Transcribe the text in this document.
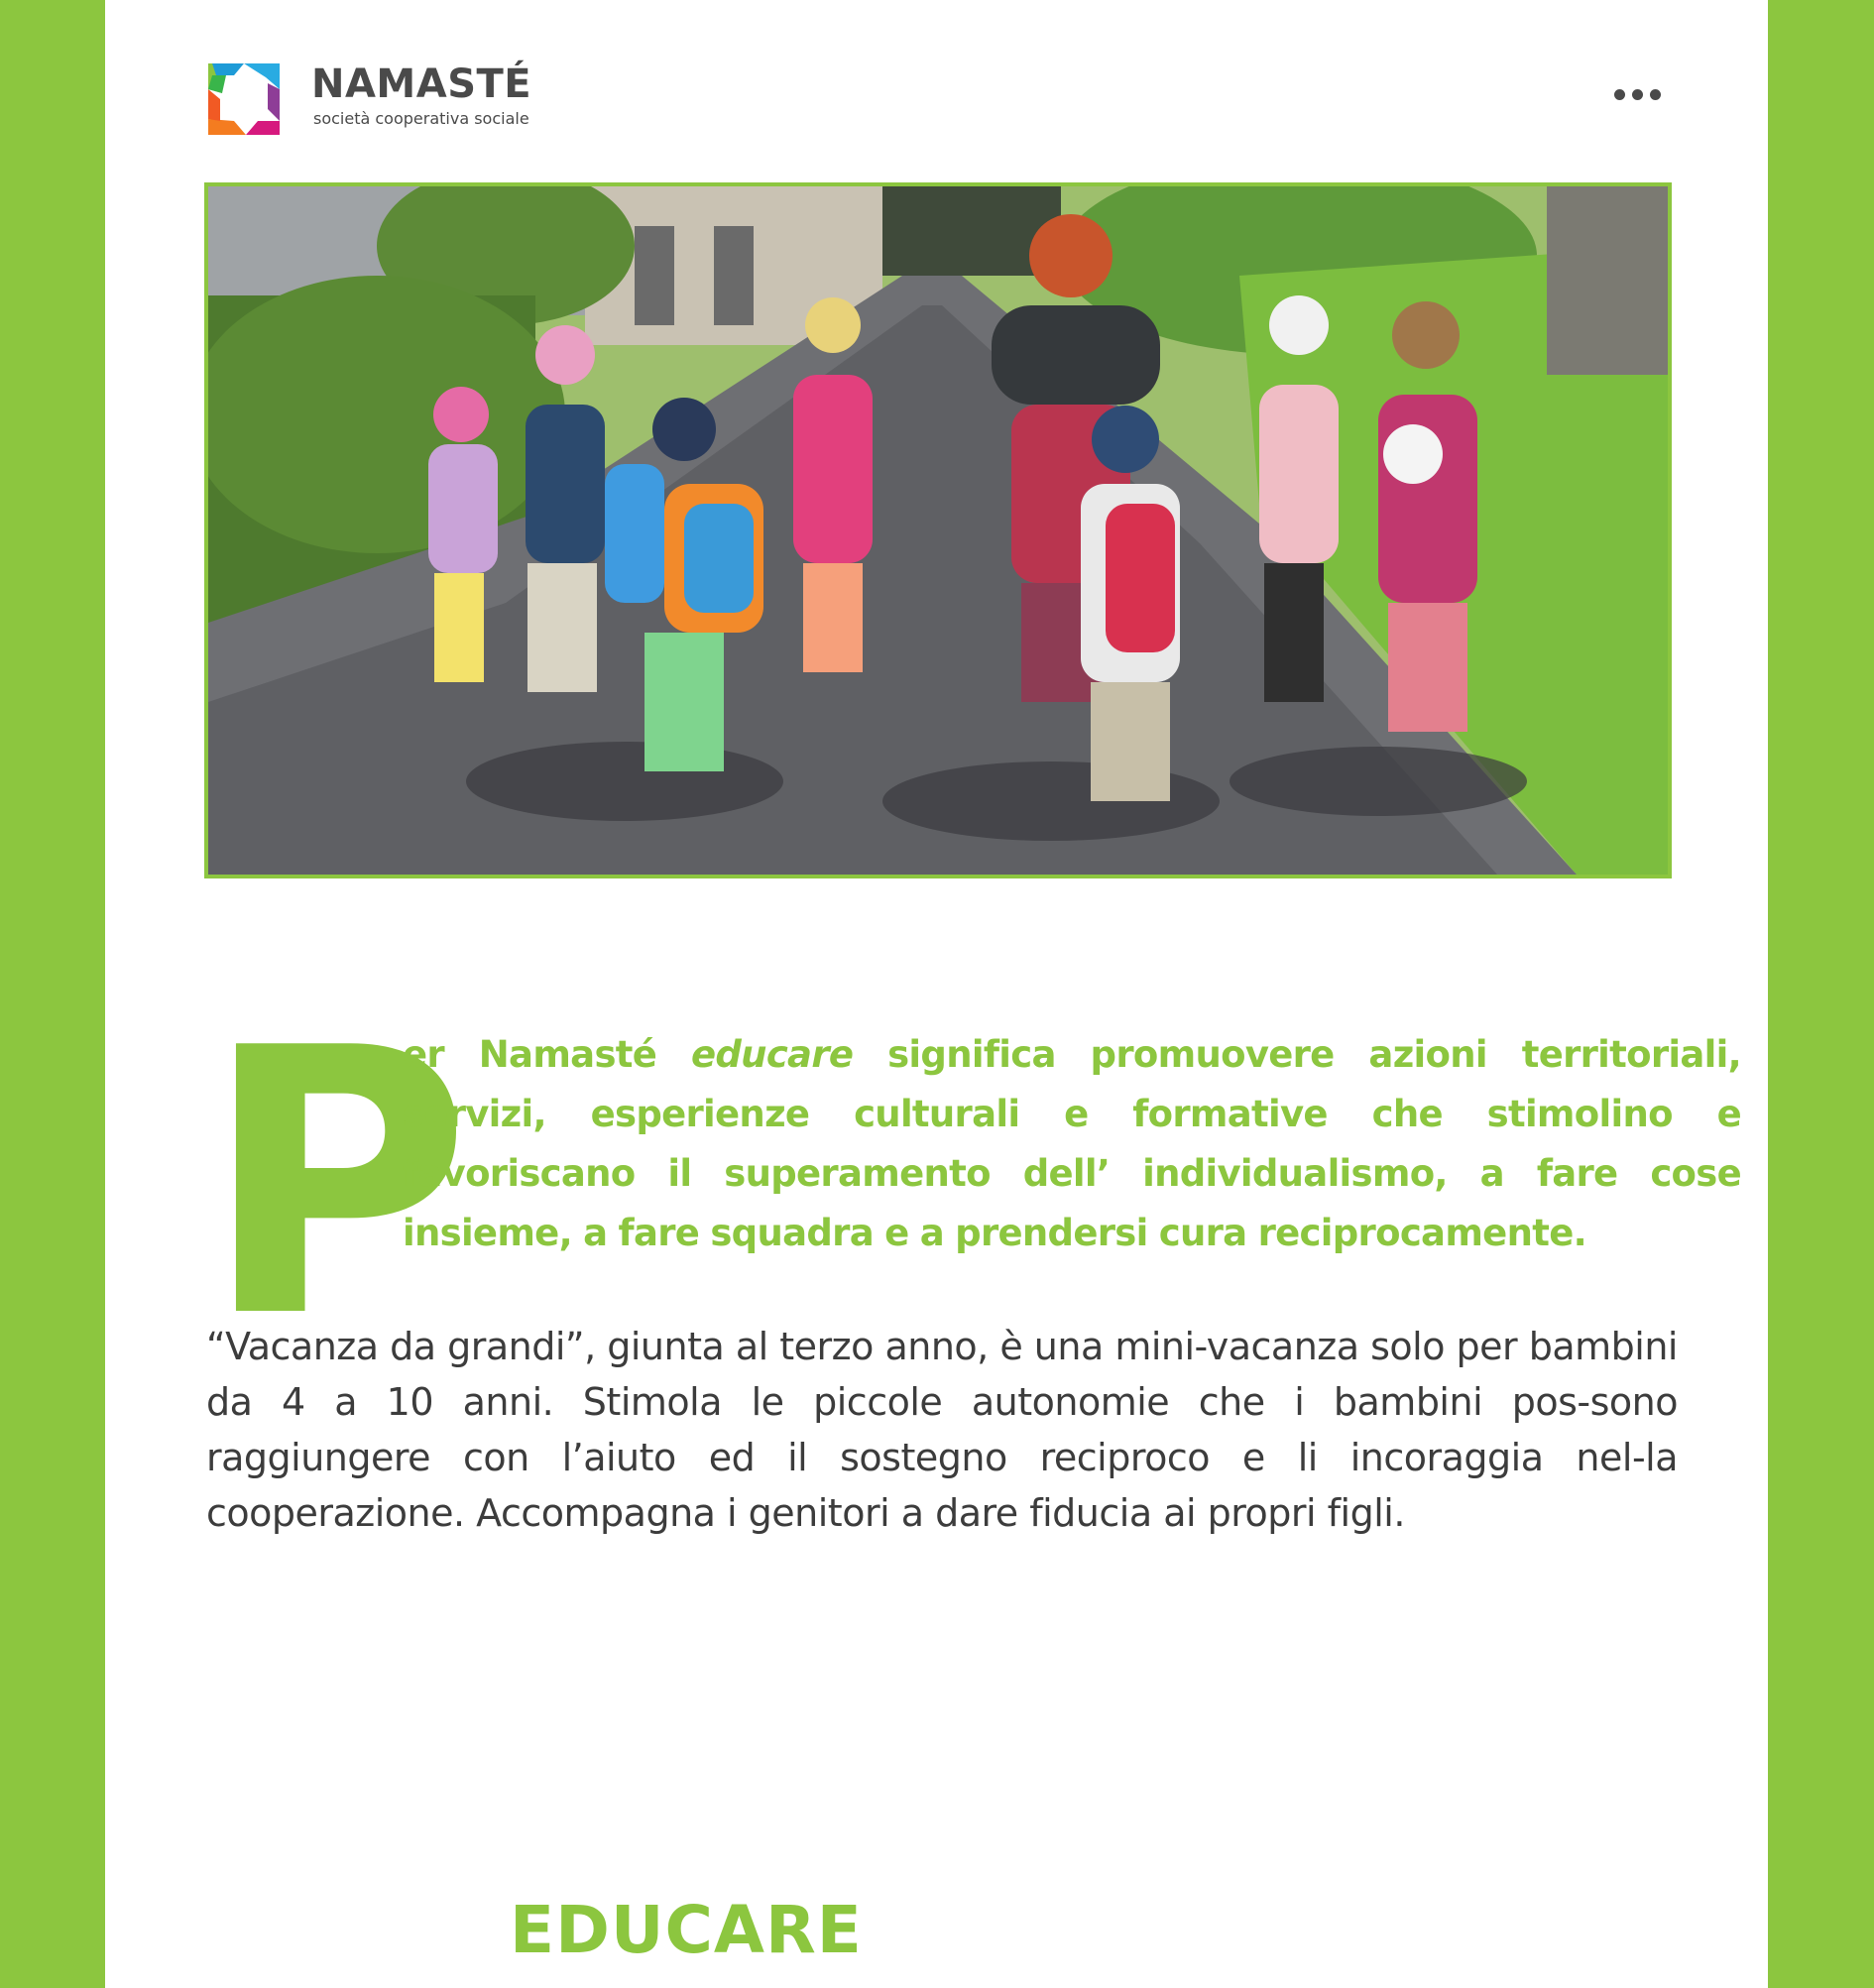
NAMASTÉ
società cooperativa sociale
P
er Namasté educare significa promuovere azioni territoriali, servizi, esperienze culturali e formative che stimolino e favoriscano il superamento dell’ individualismo, a fare cose insieme, a fare squadra e a prendersi cura reciprocamente.
“Vacanza da grandi”, giunta al terzo anno, è una mini-vacanza solo per bambini da 4 a 10 anni. Stimola le piccole autonomie che i bambini pos-sono raggiungere con l’aiuto ed il sostegno reciproco e li incoraggia nel-la cooperazione. Accompagna i genitori a dare fiducia ai propri figli.
EDUCARE
